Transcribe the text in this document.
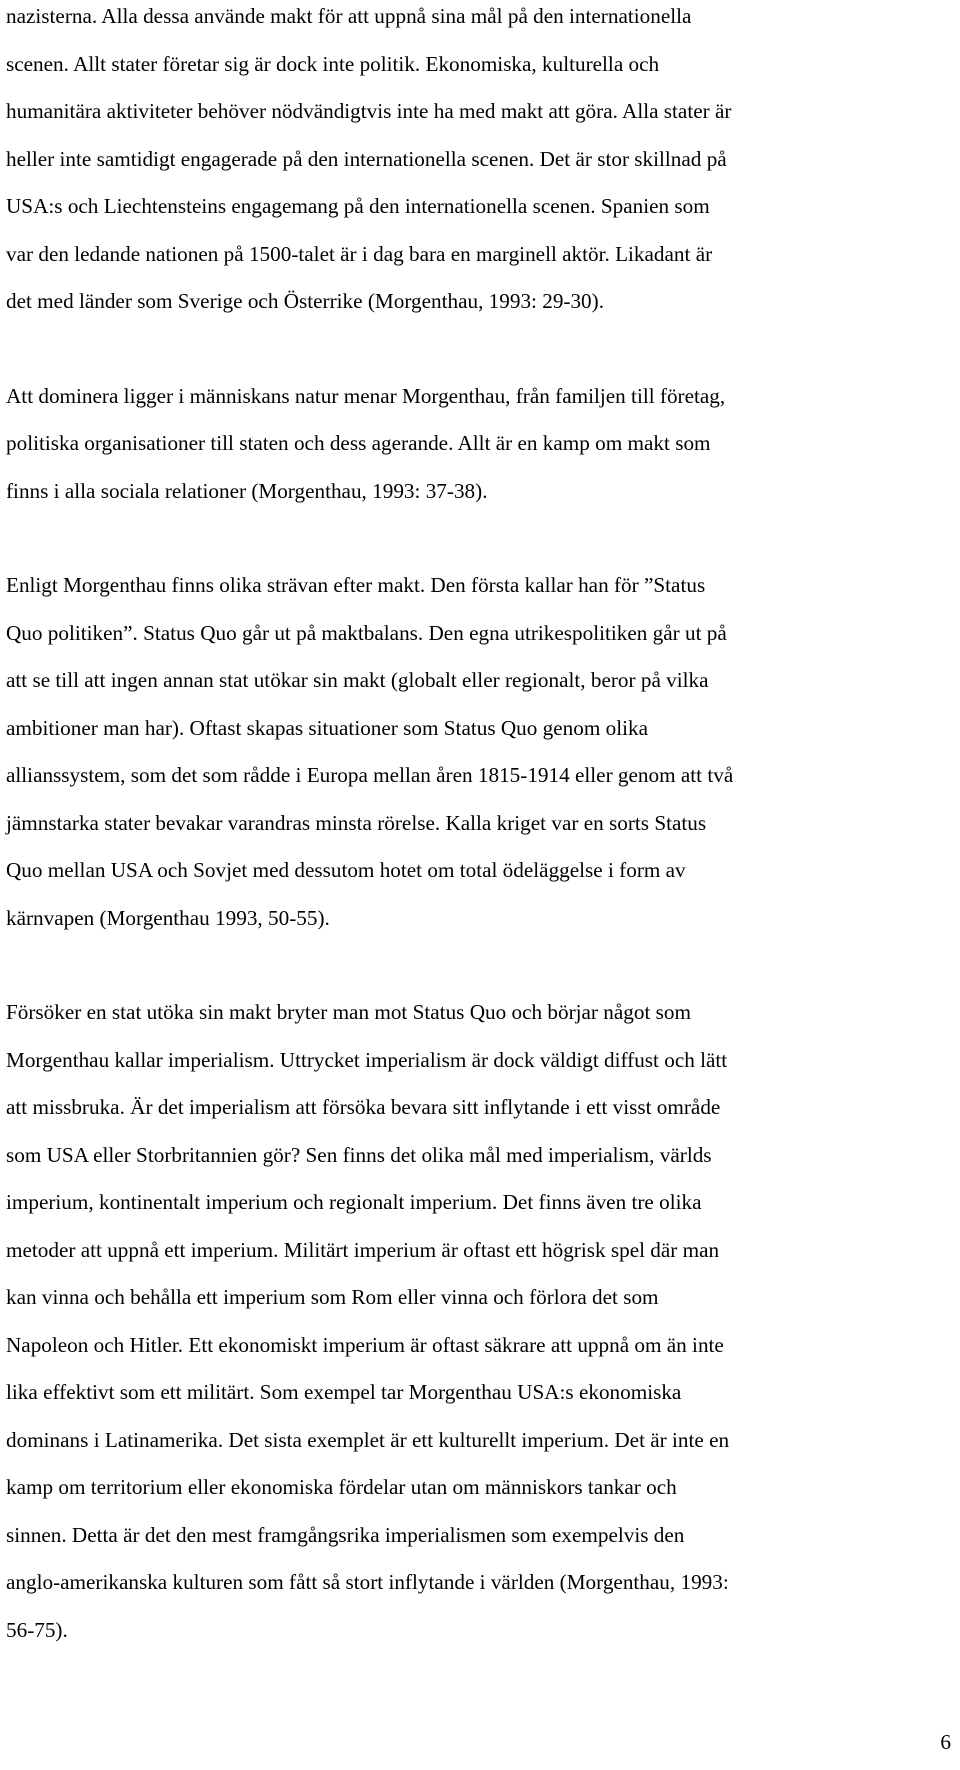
nazisterna. Alla dessa använde makt för att uppnå sina mål på den internationella
scenen. Allt stater företar sig är dock inte politik. Ekonomiska, kulturella och
humanitära aktiviteter behöver nödvändigtvis inte ha med makt att göra. Alla stater är
heller inte samtidigt engagerade på den internationella scenen. Det är stor skillnad på
USA:s och Liechtensteins engagemang på den internationella scenen. Spanien som
var den ledande nationen på 1500-talet är i dag bara en marginell aktör. Likadant är
det med länder som Sverige och Österrike (Morgenthau, 1993: 29-30).

Att dominera ligger i människans natur menar Morgenthau, från familjen till företag,
politiska organisationer till staten och dess agerande. Allt är en kamp om makt som
finns i alla sociala relationer (Morgenthau, 1993: 37-38).

Enligt Morgenthau finns olika strävan efter makt. Den första kallar han för ”Status
Quo politiken”. Status Quo går ut på maktbalans. Den egna utrikespolitiken går ut på
att se till att ingen annan stat utökar sin makt (globalt eller regionalt, beror på vilka
ambitioner man har). Oftast skapas situationer som Status Quo genom olika
allianssystem, som det som rådde i Europa mellan åren 1815-1914 eller genom att två
jämnstarka stater bevakar varandras minsta rörelse. Kalla kriget var en sorts Status
Quo mellan USA och Sovjet med dessutom hotet om total ödeläggelse i form av
kärnvapen (Morgenthau 1993, 50-55).

Försöker en stat utöka sin makt bryter man mot Status Quo och börjar något som
Morgenthau kallar imperialism. Uttrycket imperialism är dock väldigt diffust och lätt
att missbruka. Är det imperialism att försöka bevara sitt inflytande i ett visst område
som USA eller Storbritannien gör? Sen finns det olika mål med imperialism, världs
imperium, kontinentalt imperium och regionalt imperium. Det finns även tre olika
metoder att uppnå ett imperium. Militärt imperium är oftast ett högrisk spel där man
kan vinna och behålla ett imperium som Rom eller vinna och förlora det som
Napoleon och Hitler. Ett ekonomiskt imperium är oftast säkrare att uppnå om än inte
lika effektivt som ett militärt. Som exempel tar Morgenthau USA:s ekonomiska
dominans i Latinamerika. Det sista exemplet är ett kulturellt imperium. Det är inte en
kamp om territorium eller ekonomiska fördelar utan om människors tankar och
sinnen. Detta är det den mest framgångsrika imperialismen som exempelvis den
anglo-amerikanska kulturen som fått så stort inflytande i världen (Morgenthau, 1993:
56-75).

6
